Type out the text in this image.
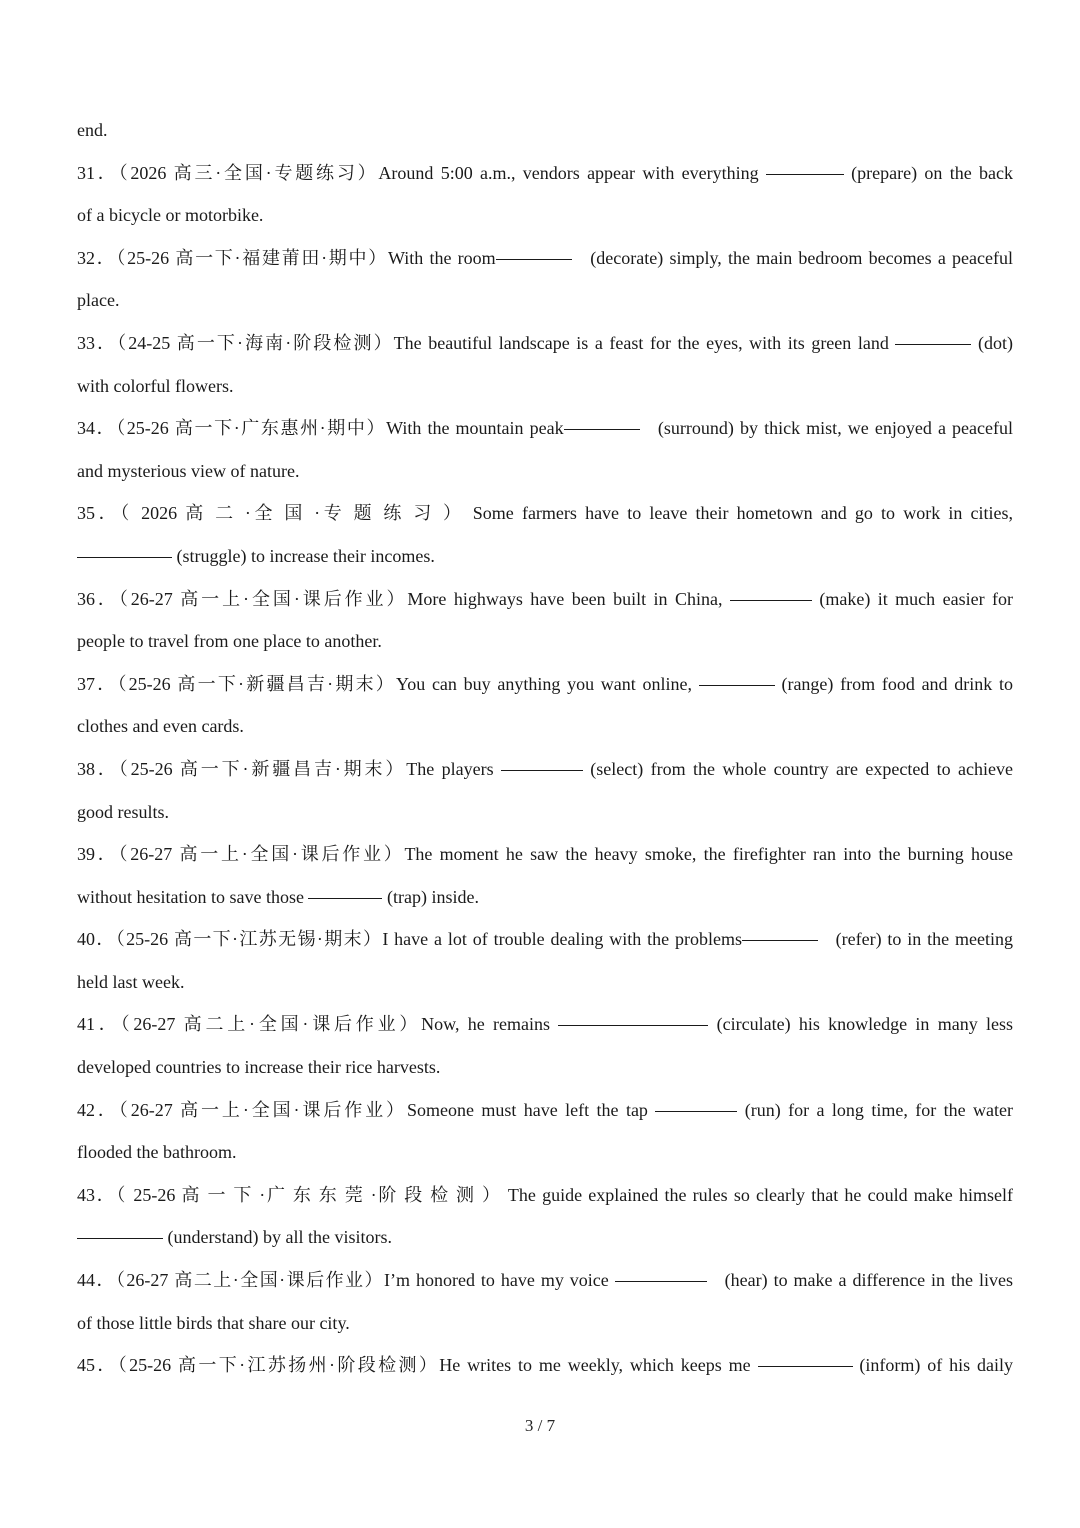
end.
31．（2026 高三·全国·专题练习）Around 5:00 a.m., vendors appear with everything	(prepare) on the back
of a bicycle or motorbike.
32．（25-26 高一下·福建莆田·期中）With the room	(decorate) simply, the main bedroom becomes a peaceful
place.
33．（24-25 高一下·海南·阶段检测）The beautiful landscape is a feast for the eyes, with its green land	(dot)
with colorful flowers.
34．（25-26 高一下·广东惠州·期中）With the mountain peak	(surround) by thick mist, we enjoyed a peaceful
and mysterious view of nature.
35．（ 2026 高 二 ·全 国 ·专 题 练 习 ） Some farmers have to leave their hometown and go to work in cities,
(struggle) to increase their incomes.
36．（26-27 高一上·全国·课后作业）More highways have been built in China,	(make) it much easier for
people to travel from one place to another.
37．（25-26 高一下·新疆昌吉·期末）You can buy anything you want online,	(range) from food and drink to
clothes and even cards.
38．（25-26 高一下·新疆昌吉·期末）The players	(select) from the whole country are expected to achieve
good results.
39．（26-27 高一上·全国·课后作业）The moment he saw the heavy smoke, the firefighter ran into the burning house
without hesitation to save those	(trap) inside.
40．（25-26 高一下·江苏无锡·期末）I have a lot of trouble dealing with the problems	(refer) to in the meeting
held last week.
41．（26-27 高二上·全国·课后作业）Now, he remains	(circulate) his knowledge in many less
developed countries to increase their rice harvests.
42．（26-27 高一上·全国·课后作业）Someone must have left the tap	(run) for a long time, for the water
flooded the bathroom.
43．（ 25-26 高 一 下 ·广 东 东 莞 ·阶 段 检 测 ） The guide explained the rules so clearly that he could make himself
(understand) by all the visitors.
44．（26-27 高二上·全国·课后作业）I’m honored to have my voice	(hear) to make a difference in the lives
of those little birds that share our city.
45．（25-26 高一下·江苏扬州·阶段检测）He writes to me weekly, which keeps me	(inform) of his daily
3 / 7
